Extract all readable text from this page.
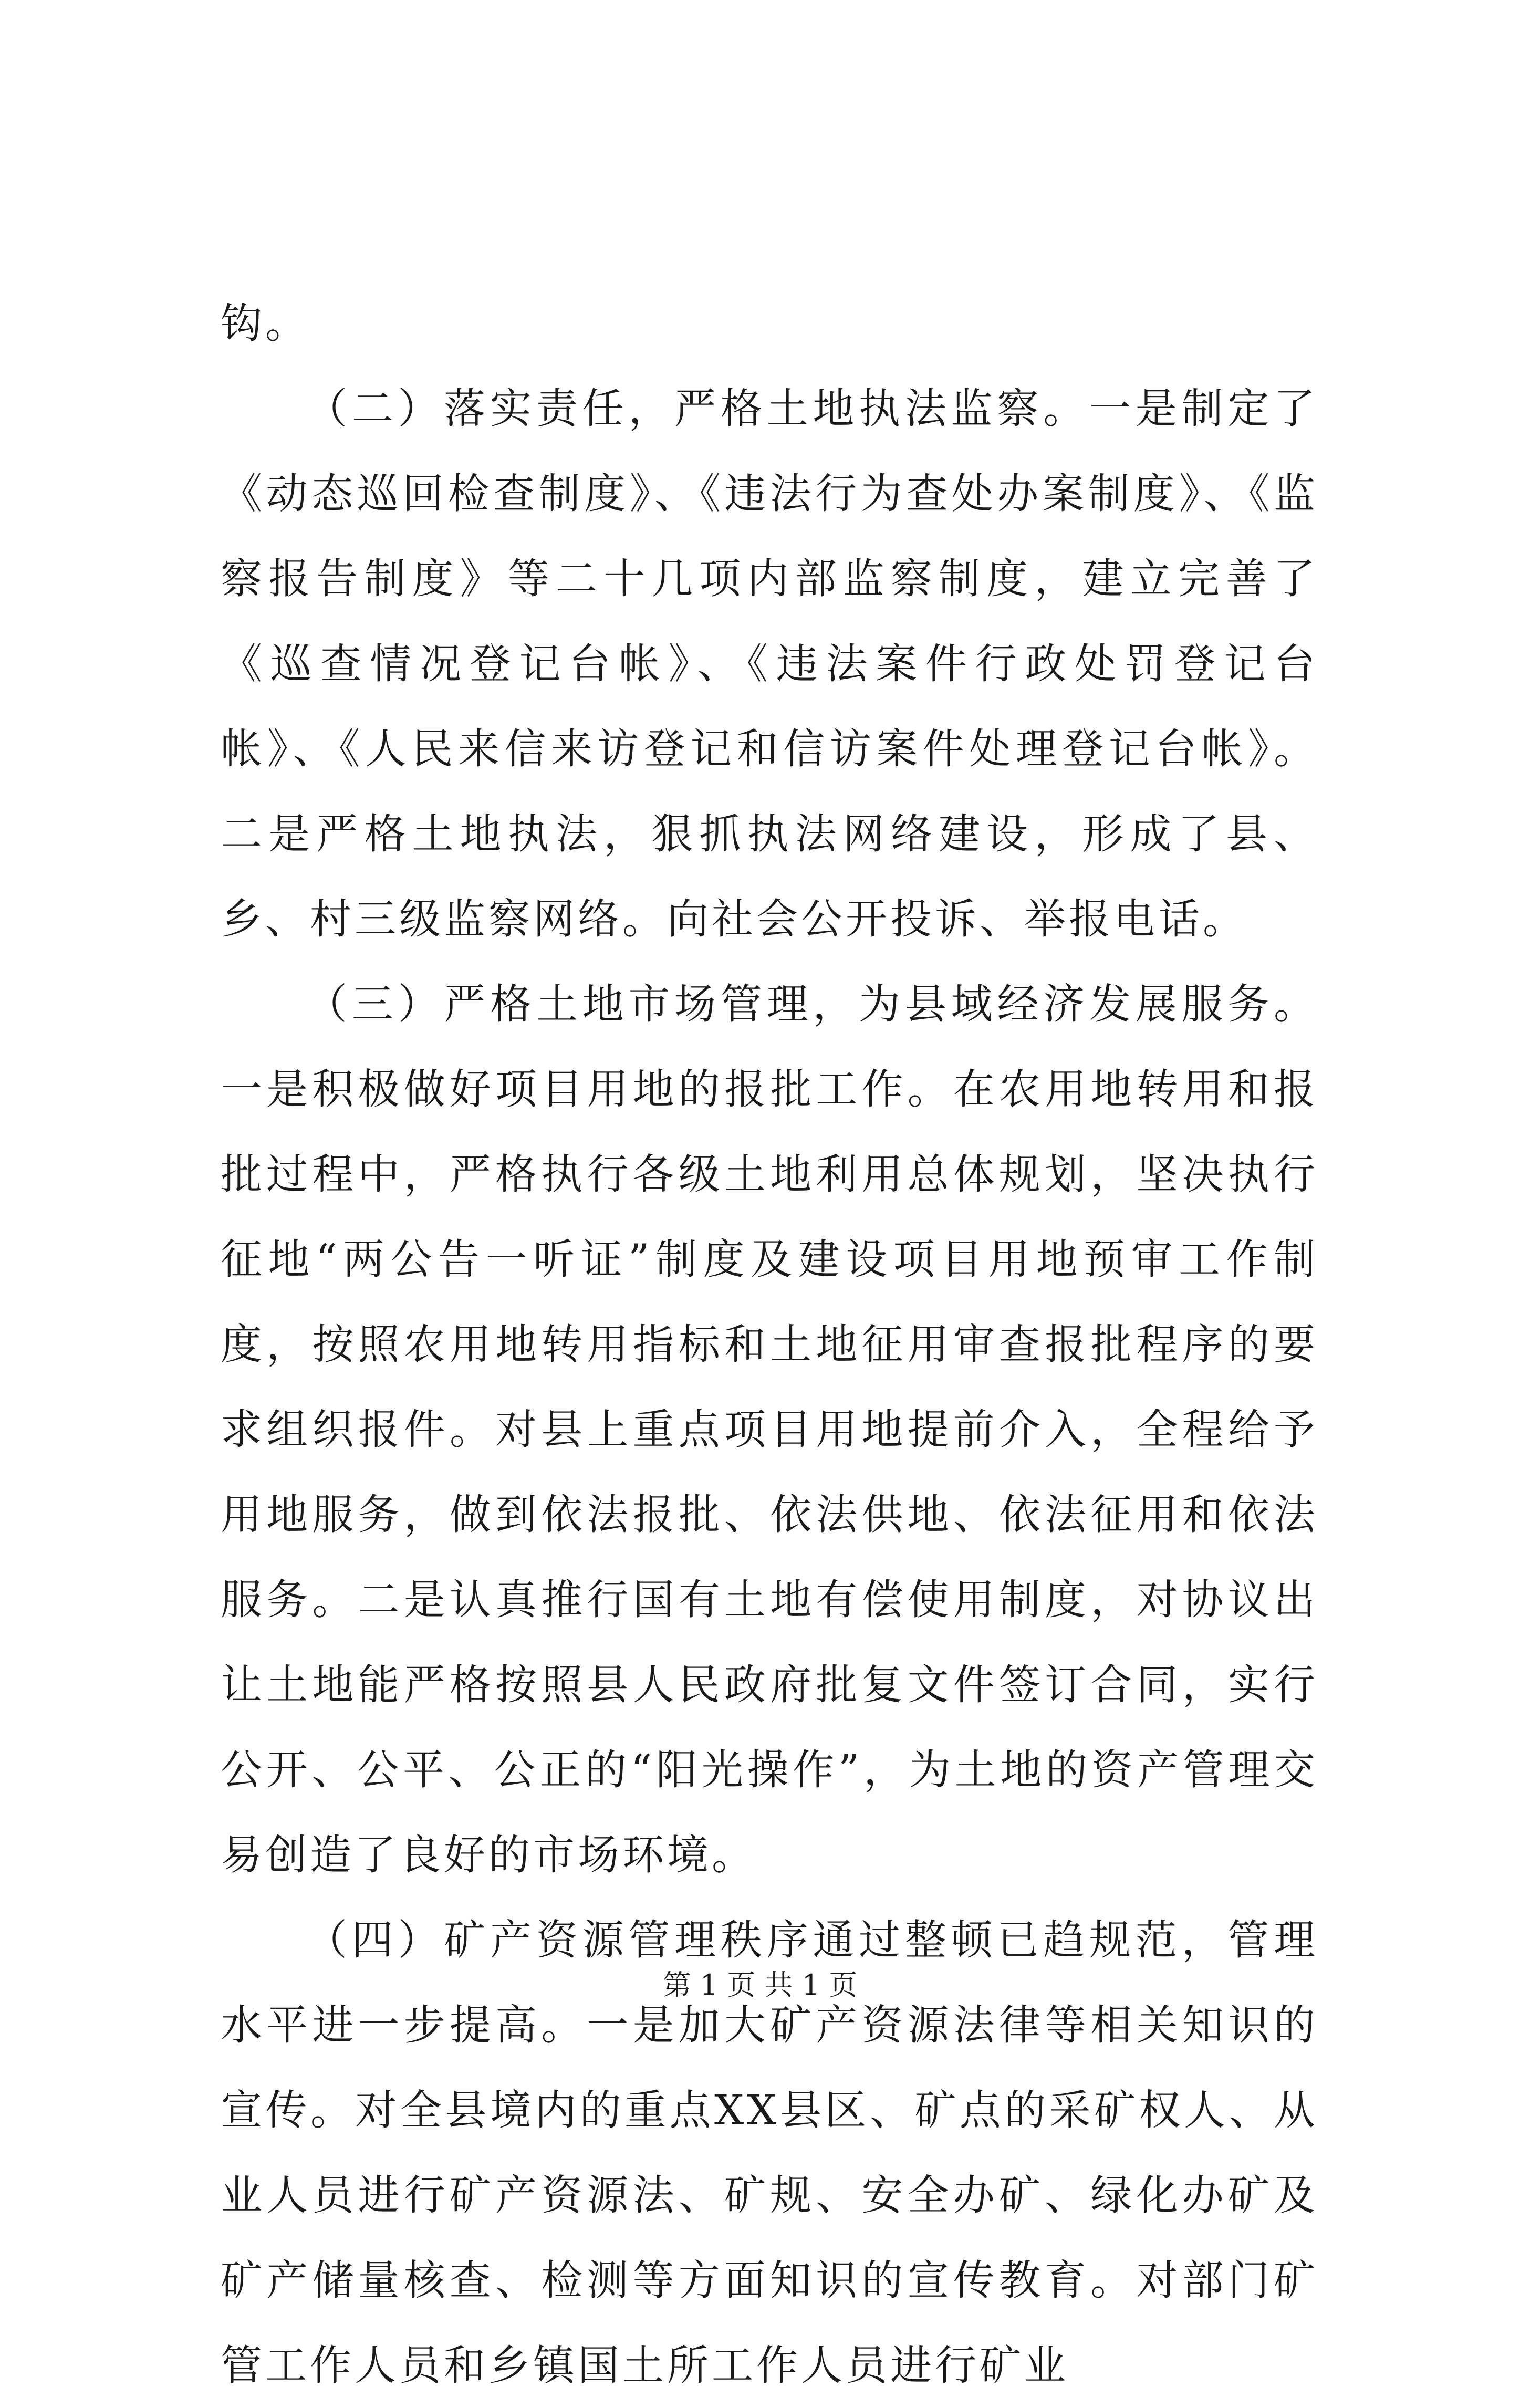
钩。

（二）落实责任，严格土地执法监察。一是制定了《动态巡回检查制度》、《违法行为查处办案制度》、《监察报告制度》等二十几项内部监察制度，建立完善了《巡查情况登记台帐》、《违法案件行政处罚登记台帐》、《人民来信来访登记和信访案件处理登记台帐》。二是严格土地执法，狠抓执法网络建设，形成了县、乡、村三级监察网络。向社会公开投诉、举报电话。

（三）严格土地市场管理，为县域经济发展服务。一是积极做好项目用地的报批工作。在农用地转用和报批过程中，严格执行各级土地利用总体规划，坚决执行征地“两公告一听证”制度及建设项目用地预审工作制度，按照农用地转用指标和土地征用审查报批程序的要求组织报件。对县上重点项目用地提前介入，全程给予用地服务，做到依法报批、依法供地、依法征用和依法服务。二是认真推行国有土地有偿使用制度，对协议出让土地能严格按照县人民政府批复文件签订合同，实行公开、公平、公正的“阳光操作”，为土地的资产管理交易创造了良好的市场环境。

（四）矿产资源管理秩序通过整顿已趋规范，管理水平进一步提高。一是加大矿产资源法律等相关知识的宣传。对全县境内的重点XX县区、矿点的采矿权人、从业人员进行矿产资源法、矿规、安全办矿、绿化办矿及矿产储量核查、检测等方面知识的宣传教育。对部门矿管工作人员和乡镇国土所工作人员进行矿业

第 1 页 共 1 页
